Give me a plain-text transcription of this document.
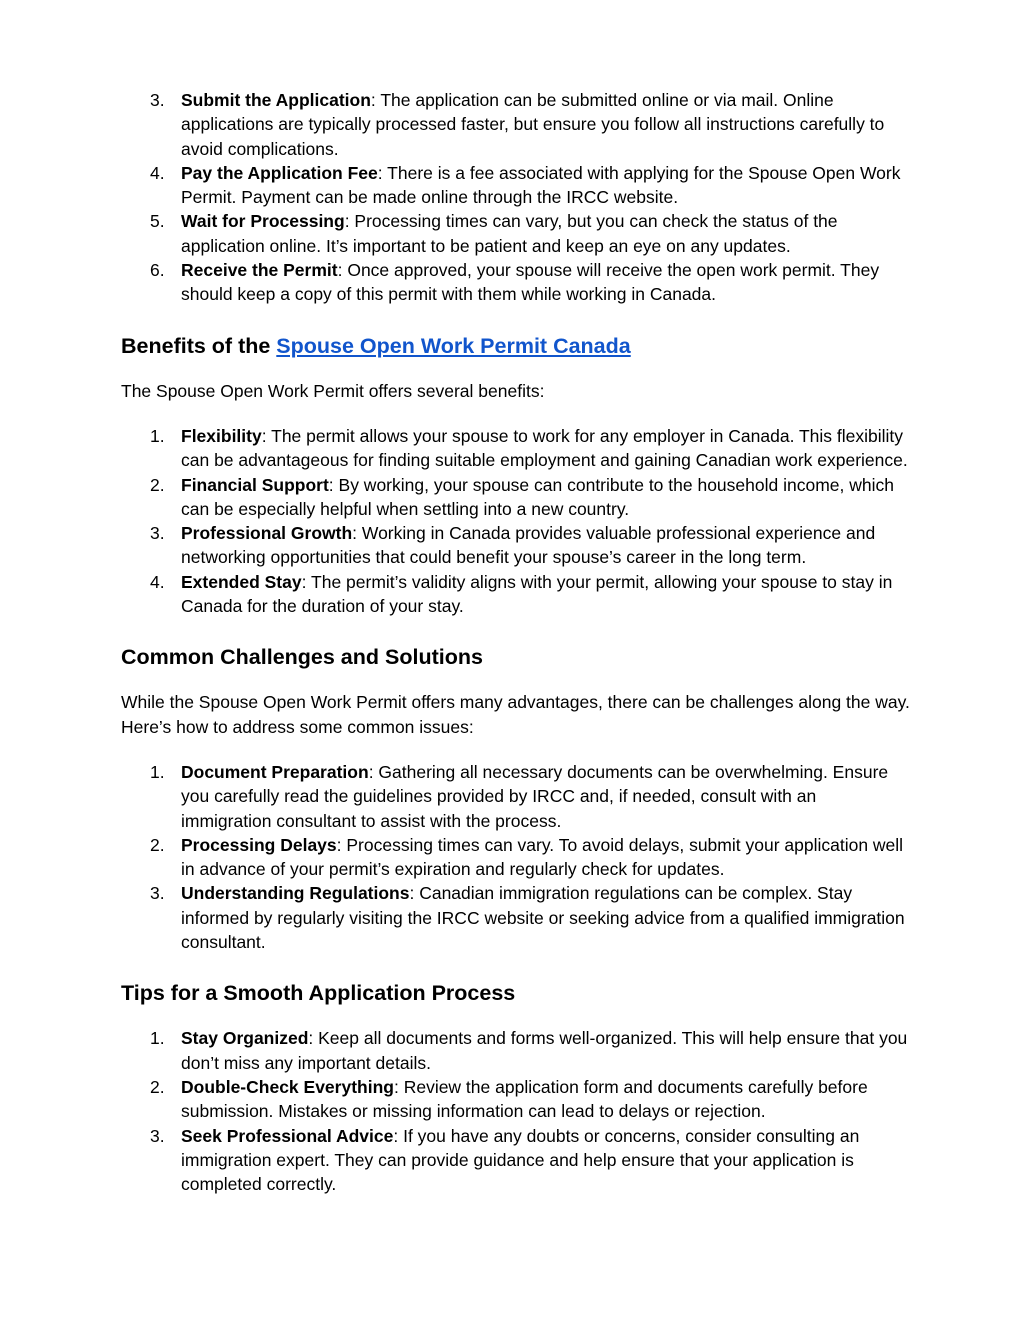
3. Submit the Application: The application can be submitted online or via mail. Online applications are typically processed faster, but ensure you follow all instructions carefully to avoid complications.
4. Pay the Application Fee: There is a fee associated with applying for the Spouse Open Work Permit. Payment can be made online through the IRCC website.
5. Wait for Processing: Processing times can vary, but you can check the status of the application online. It’s important to be patient and keep an eye on any updates.
6. Receive the Permit: Once approved, your spouse will receive the open work permit. They should keep a copy of this permit with them while working in Canada.
Benefits of the Spouse Open Work Permit Canada

The Spouse Open Work Permit offers several benefits:

1. Flexibility: The permit allows your spouse to work for any employer in Canada. This flexibility can be advantageous for finding suitable employment and gaining Canadian work experience.
2. Financial Support: By working, your spouse can contribute to the household income, which can be especially helpful when settling into a new country.
3. Professional Growth: Working in Canada provides valuable professional experience and networking opportunities that could benefit your spouse’s career in the long term.
4. Extended Stay: The permit’s validity aligns with your permit, allowing your spouse to stay in Canada for the duration of your stay.
Common Challenges and Solutions

While the Spouse Open Work Permit offers many advantages, there can be challenges along the way. Here’s how to address some common issues:

1. Document Preparation: Gathering all necessary documents can be overwhelming. Ensure you carefully read the guidelines provided by IRCC and, if needed, consult with an immigration consultant to assist with the process.
2. Processing Delays: Processing times can vary. To avoid delays, submit your application well in advance of your permit’s expiration and regularly check for updates.
3. Understanding Regulations: Canadian immigration regulations can be complex. Stay informed by regularly visiting the IRCC website or seeking advice from a qualified immigration consultant.
Tips for a Smooth Application Process
1. Stay Organized: Keep all documents and forms well-organized. This will help ensure that you don’t miss any important details.
2. Double-Check Everything: Review the application form and documents carefully before submission. Mistakes or missing information can lead to delays or rejection.
3. Seek Professional Advice: If you have any doubts or concerns, consider consulting an immigration expert. They can provide guidance and help ensure that your application is completed correctly.
